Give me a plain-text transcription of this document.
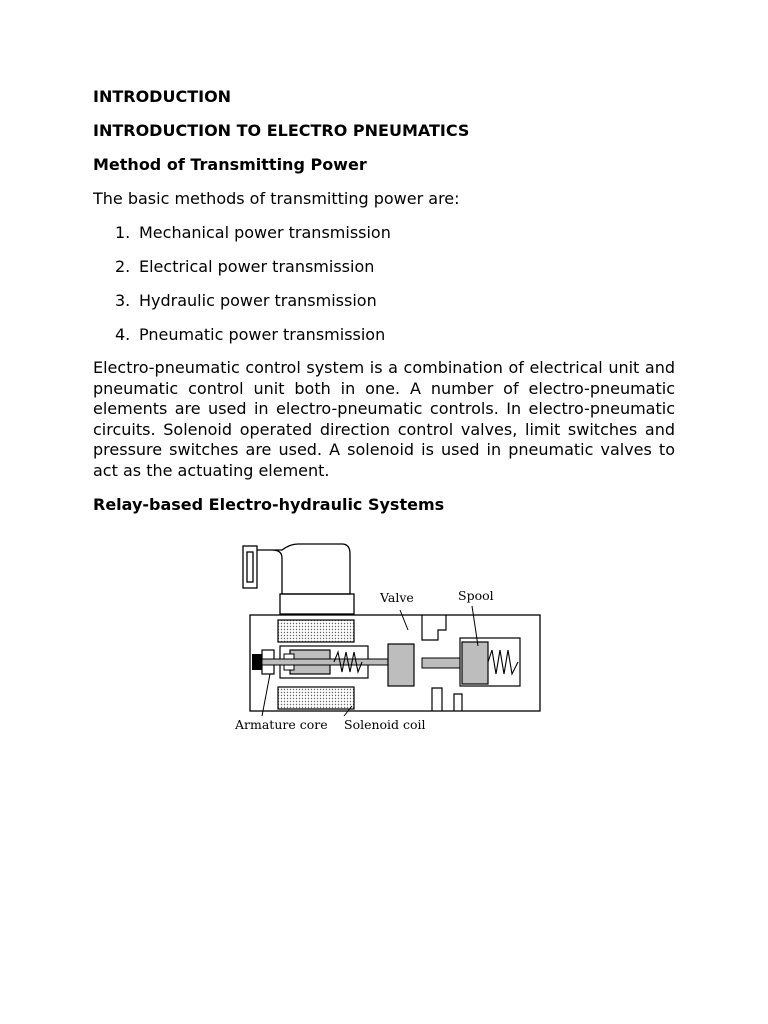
INTRODUCTION
INTRODUCTION TO ELECTRO PNEUMATICS
Method of Transmitting Power
The basic methods of transmitting power are:
1. Mechanical power transmission
2. Electrical power transmission
3. Hydraulic power transmission
4. Pneumatic power transmission
Electro-pneumatic control system is a combination of electrical unit and pneumatic control unit both in one. A number of electro-pneumatic elements are used in electro-pneumatic controls. In electro-pneumatic circuits. Solenoid operated direction control valves, limit switches and pressure switches are used. A solenoid is used in pneumatic valves to act as the actuating element.
Relay-based Electro-hydraulic Systems
Valve	Spool
Armature core Solenoid coil
